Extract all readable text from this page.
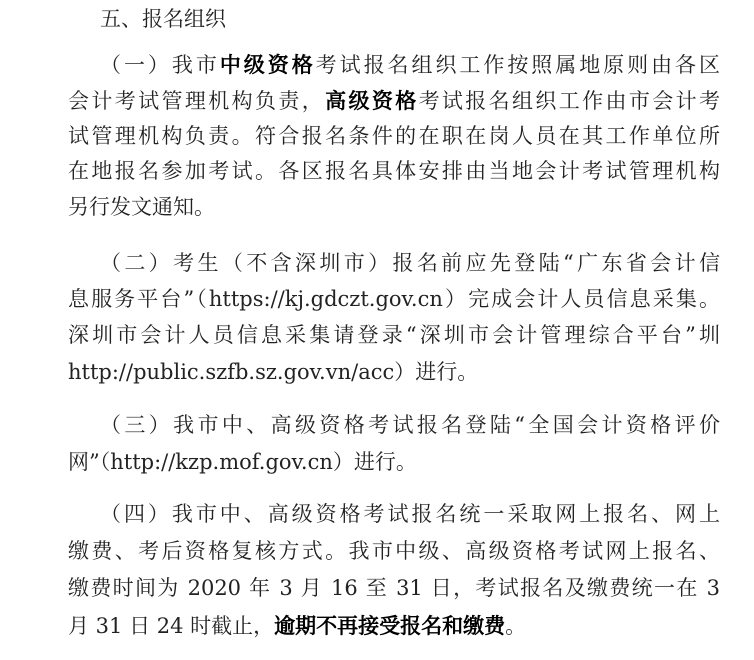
五、报名组织
（一）我市中级资格考试报名组织工作按照属地原则由各区
会计考试管理机构负责，高级资格考试报名组织工作由市会计考
试管理机构负责。符合报名条件的在职在岗人员在其工作单位所
在地报名参加考试。各区报名具体安排由当地会计考试管理机构
另行发文通知。
（二）考生（不含深圳市）报名前应先登陆“广东省会计信
息服务平台”（https://kj.gdczt.gov.cn）完成会计人员信息采集。
深圳市会计人员信息采集请登录“深圳市会计管理综合平台”圳
http://public.szfb.sz.gov.vn/acc）进行。
（三）我市中、高级资格考试报名登陆“全国会计资格评价
网”（http://kzp.mof.gov.cn）进行。
（四）我市中、高级资格考试报名统一采取网上报名、网上
缴费、考后资格复核方式。我市中级、高级资格考试网上报名、
缴费时间为 2020 年 3 月 16 至 31 日，考试报名及缴费统一在 3
月 31 日 24 时截止，逾期不再接受报名和缴费。
